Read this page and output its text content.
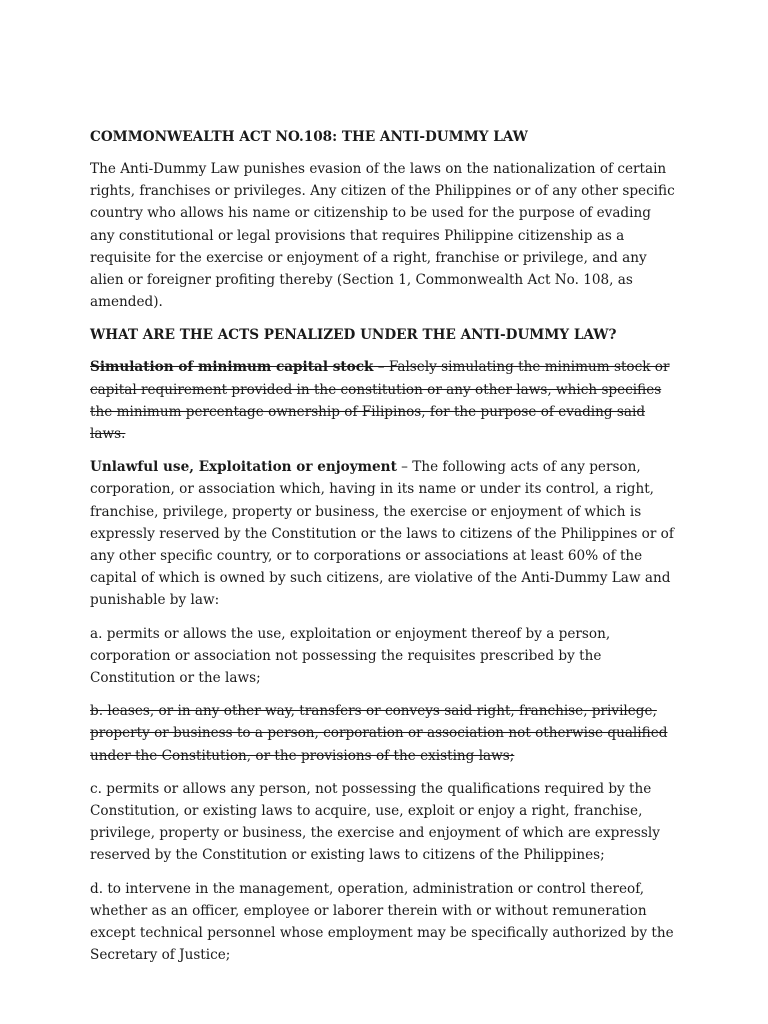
COMMONWEALTH ACT NO.108: THE ANTI-DUMMY LAW

The Anti-Dummy Law punishes evasion of the laws on the nationalization of certain rights, franchises or privileges. Any citizen of the Philippines or of any other specific country who allows his name or citizenship to be used for the purpose of evading any constitutional or legal provisions that requires Philippine citizenship as a requisite for the exercise or enjoyment of a right, franchise or privilege, and any alien or foreigner profiting thereby (Section 1, Commonwealth Act No. 108, as amended).

WHAT ARE THE ACTS PENALIZED UNDER THE ANTI-DUMMY LAW?

Simulation of minimum capital stock – Falsely simulating the minimum stock or capital requirement provided in the constitution or any other laws, which specifies the minimum percentage ownership of Filipinos, for the purpose of evading said laws.

Unlawful use, Exploitation or enjoyment – The following acts of any person, corporation, or association which, having in its name or under its control, a right, franchise, privilege, property or business, the exercise or enjoyment of which is expressly reserved by the Constitution or the laws to citizens of the Philippines or of any other specific country, or to corporations or associations at least 60% of the capital of which is owned by such citizens, are violative of the Anti-Dummy Law and punishable by law:

a. permits or allows the use, exploitation or enjoyment thereof by a person, corporation or association not possessing the requisites prescribed by the Constitution or the laws;

b. leases, or in any other way, transfers or conveys said right, franchise, privilege, property or business to a person, corporation or association not otherwise qualified under the Constitution, or the provisions of the existing laws;

c. permits or allows any person, not possessing the qualifications required by the Constitution, or existing laws to acquire, use, exploit or enjoy a right, franchise, privilege, property or business, the exercise and enjoyment of which are expressly reserved by the Constitution or existing laws to citizens of the Philippines;

d. to intervene in the management, operation, administration or control thereof, whether as an officer, employee or laborer therein with or without remuneration except technical personnel whose employment may be specifically authorized by the Secretary of Justice;
